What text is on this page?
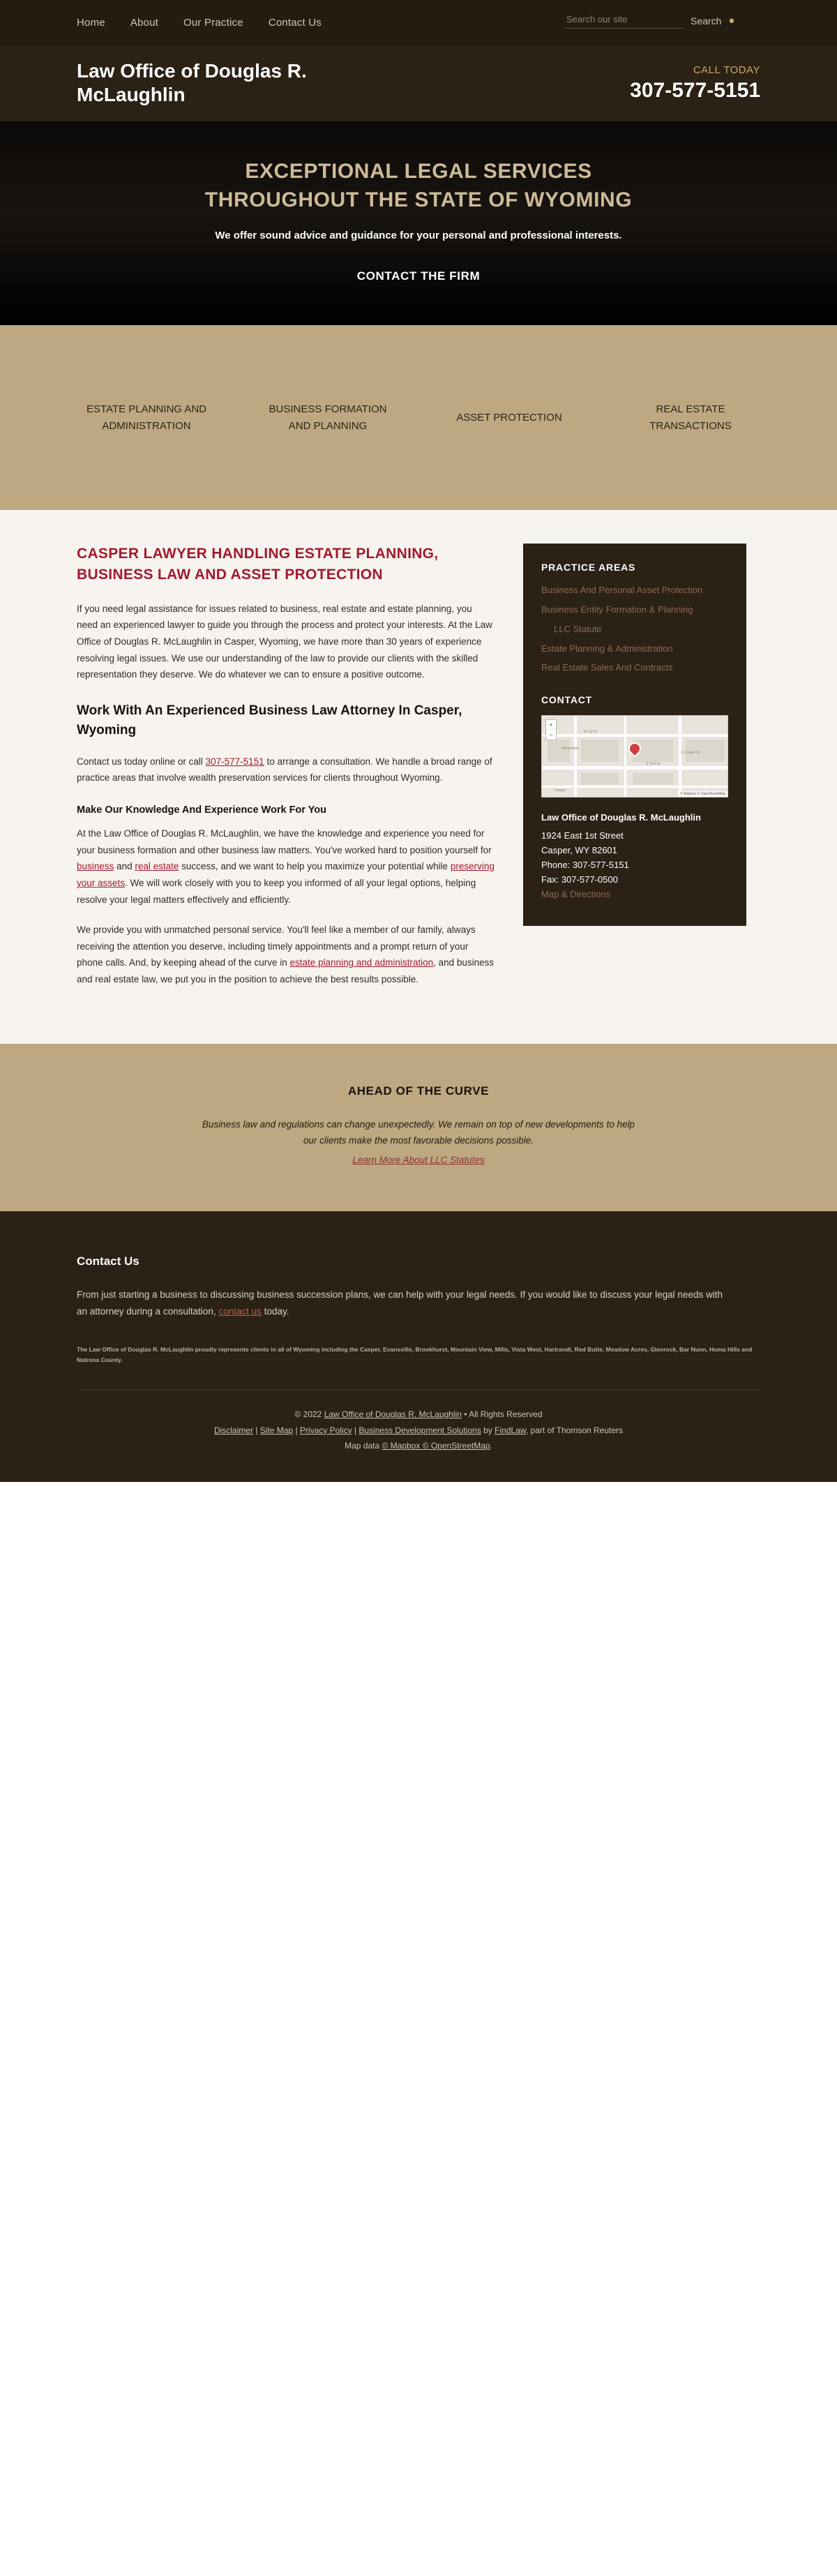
Home About Our Practice Contact Us
Search our site	Search ●
Law Office of Douglas R. McLaughlin
CALL TODAY
307-577-5151
EXCEPTIONAL LEGAL SERVICES
THROUGHOUT THE STATE OF WYOMING

We offer sound advice and guidance for your personal and professional interests.

CONTACT THE FIRM
ESTATE PLANNING AND ADMINISTRATION
BUSINESS FORMATION AND PLANNING
ASSET PROTECTION
REAL ESTATE TRANSACTIONS
CASPER LAWYER HANDLING ESTATE PLANNING, BUSINESS LAW AND ASSET PROTECTION

If you need legal assistance for issues related to business, real estate and estate planning, you need an experienced lawyer to guide you through the process and protect your interests. At the Law Office of Douglas R. McLaughlin in Casper, Wyoming, we have more than 30 years of experience resolving legal issues. We use our understanding of the law to provide our clients with the skilled representation they deserve. We do whatever we can to ensure a positive outcome.

Work With An Experienced Business Law Attorney In Casper, Wyoming

Contact us today online or call 307-577-5151 to arrange a consultation. We handle a broad range of practice areas that involve wealth preservation services for clients throughout Wyoming.

Make Our Knowledge And Experience Work For You

At the Law Office of Douglas R. McLaughlin, we have the knowledge and experience you need for your business formation and other business law matters. You've worked hard to position yourself for business and real estate success, and we want to help you maximize your potential while preserving your assets. We will work closely with you to keep you informed of all your legal options, helping resolve your legal matters effectively and efficiently.

We provide you with unmatched personal service. You'll feel like a member of our family, always receiving the attention you deserve, including timely appointments and a prompt return of your phone calls. And, by keeping ahead of the curve in estate planning and administration, and business and real estate law, we put you in the position to achieve the best results possible.

PRACTICE AREAS
Business And Personal Asset Protection
Business Entity Formation & Planning
LLC Statute
Estate Planning & Administration
Real Estate Sales And Contracts
CONTACT
+
−
Elementary
W 1st St
S Center St
E 2nd St
Casper
© Mapbox © OpenStreetMap
Law Office of Douglas R. McLaughlin
1924 East 1st Street
Casper, WY 82601
Phone: 307-577-5151
Fax: 307-577-0500
Map & Directions
AHEAD OF THE CURVE

Business law and regulations can change unexpectedly. We remain on top of new developments to help our clients make the most favorable decisions possible.

Learn More About LLC Statutes
Contact Us

From just starting a business to discussing business succession plans, we can help with your legal needs. If you would like to discuss your legal needs with an attorney during a consultation, contact us today.

The Law Office of Douglas R. McLaughlin proudly represents clients in all of Wyoming including the Casper, Evansville, Brookhurst, Mountain View, Mills, Vista West, Hartrandt, Red Butte, Meadow Acres, Glenrock, Bar Nunn, Homa Hills and Natrona County.
© 2022 Law Office of Douglas R. McLaughlin • All Rights Reserved
Disclaimer | Site Map | Privacy Policy | Business Development Solutions by FindLaw, part of Thomson Reuters
Map data © Mapbox © OpenStreetMap.
